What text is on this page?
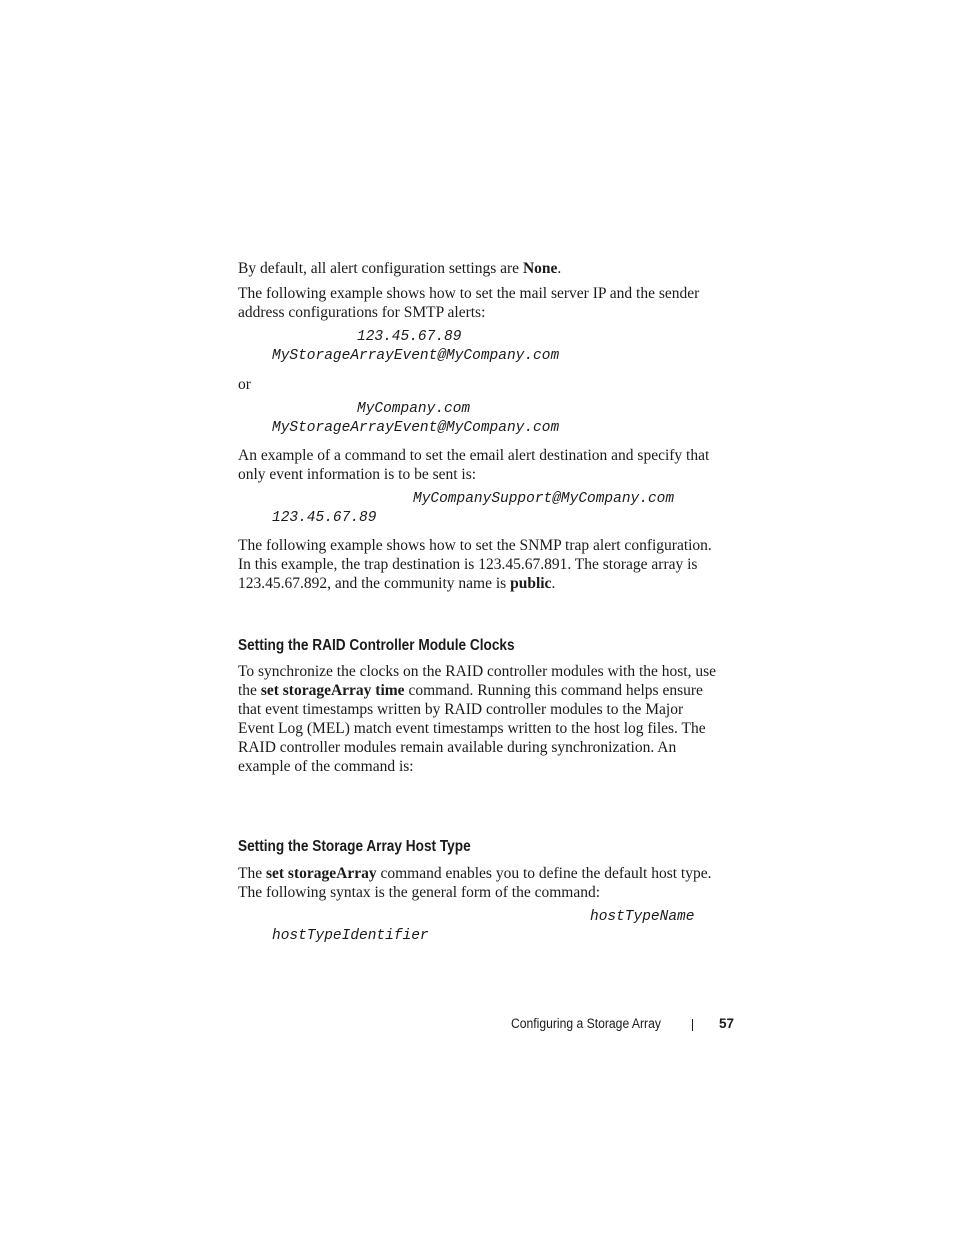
By default, all alert configuration settings are None.

The following example shows how to set the mail server IP and the sender
address configurations for SMTP alerts:

123.45.67.89
MyStorageArrayEvent@MyCompany.com

or

MyCompany.com
MyStorageArrayEvent@MyCompany.com

An example of a command to set the email alert destination and specify that
only event information is to be sent is:

MyCompanySupport@MyCompany.com
123.45.67.89

The following example shows how to set the SNMP trap alert configuration.
In this example, the trap destination is 123.45.67.891. The storage array is
123.45.67.892, and the community name is public.

Setting the RAID Controller Module Clocks

To synchronize the clocks on the RAID controller modules with the host, use
the set storageArray time command. Running this command helps ensure
that event timestamps written by RAID controller modules to the Major
Event Log (MEL) match event timestamps written to the host log files. The
RAID controller modules remain available during synchronization. An
example of the command is:

Setting the Storage Array Host Type

The set storageArray command enables you to define the default host type.
The following syntax is the general form of the command:

hostTypeName
hostTypeIdentifier
Configuring a Storage Array	57
